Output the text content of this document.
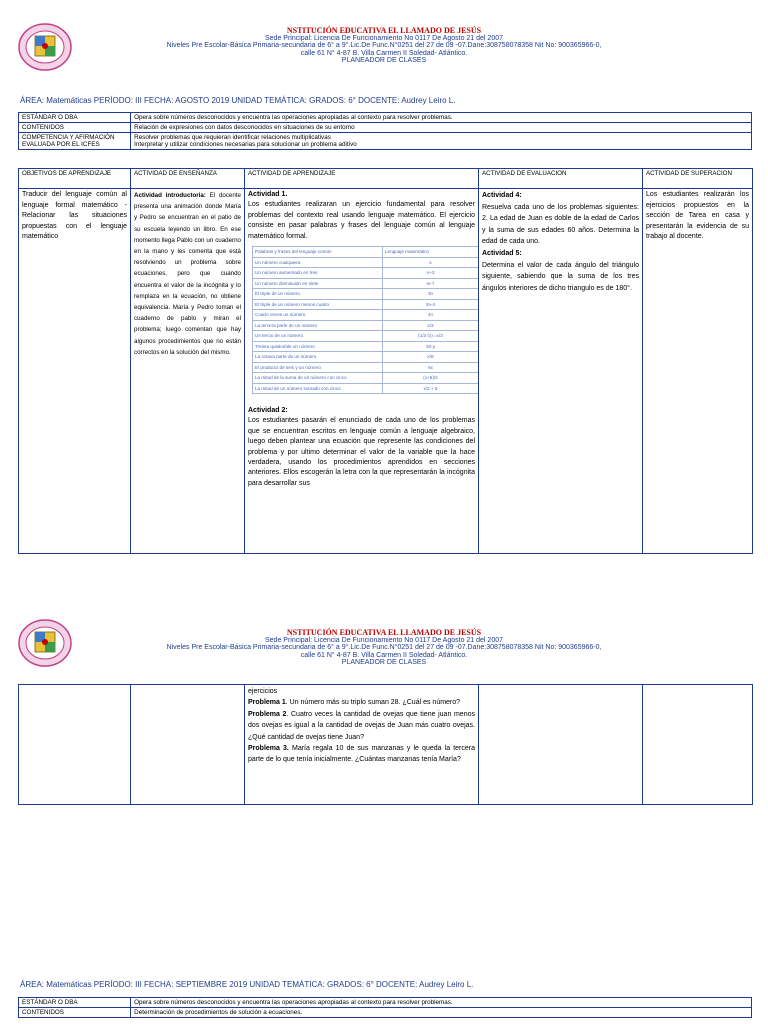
NSTITUCIÓN EDUCATIVA EL LLAMADO DE JESÚS
Sede Principal: Licencia De Funcionamiento No 0117 De Agosto 21 del 2007
Niveles Pre Escolar-Básica Primaria-secundaria de 6° a 9°.Lic.De Func.N°0251 del 27 de 09 -07.Dane:308758078358 Nit No: 900365966-0,
calle 61 N° 4-87 B. Villa Carmen II Soledad- Atlántico.
PLANEADOR DE CLASES
ÁREA: Matemáticas PERÍODO: III FECHA: AGOSTO 2019 UNIDAD TEMÁTICA: GRADOS: 6° DOCENTE: Audrey Leiro L.
ESTÁNDAR O DBA	Opera sobre números desconocidos y encuentra las operaciones apropiadas al contexto para resolver problemas.
CONTENIDOS	Relación de expresiones con datos desconocidos en situaciones de su entorno
COMPETENCIA Y AFIRMACIÓN EVALUADA POR EL ICFES	Resolver problemas que requieran identificar relaciones multiplicativas
Interpretar y utilizar condiciones necesarias para solucionar un problema aditivo
OBJETIVOS DE APRENDIZAJE	ACTIVIDAD DE ENSEÑANZA	ACTIVIDAD DE APRENDIZAJE	ACTIVIDAD DE EVALUACION	ACTIVIDAD DE SUPERACION
Traducir del lenguaje común al lenguaje formal matemático - Relacionar las situaciones propuestas con el lenguaje matemático	Actividad introductoria: El docente presenta una animación donde María y Pedro se encuentran en el patio de su escuela leyendo un libro. En ese momento llega Pablo con un cuaderno en la mano y les comenta que está resolviendo un problema sobre ecuaciones, pero que cuando encuentra el valor de la incógnita y lo remplaza en la ecuación, no obtiene equivalencia. María y Pedro toman el cuaderno de pablo y miran el problema; luego comentan que hay algunos procedimientos que no están correctos en la solución del mismo.	Actividad 1.
Los estudiantes realizaran un ejercicio fundamental para resolver problemas del contexto real usando lenguaje matemático. El ejercicio consiste en pasar palabras y frases del lenguaje común al lenguaje matemático formal.
Palabras y frases del lenguaje común	Lenguaje matemático
Un número cualquiera	x
Un número aumentado en tres	n+3
Un número disminuido en siete	m-7
El triple de un número	3n
El triple de un número menos cuatro	3n-4
Cuatro veces un número	4n
La tercera parte de un número	x/3
Un tercio de un número	(1/3 (x) =x/3
Treinta quitándole un número	30-y
La octava parte de un número	x/8
El producto de seis y un número	6x
La mitad de la suma de un número con cinco	(x+5)/2
La mitad de un número sumado con cinco	x/2 + 5
Actividad 2:
Los estudiantes pasarán el enunciado de cada uno de los problemas que se encuentran escritos en lenguaje común a lenguaje algebraico, luego deben plantear una ecuación que represente las condiciones del problema y por ultimo determinar el valor de la variable que la hace verdadera, usando los procedimientos aprendidos en secciones anteriores. Ellos escogerán la letra con la que representarán la incógnita para desarrollar sus	Actividad 4:
Resuelva cada uno de los problemas siguientes: 2. La edad de Juan es doble de la edad de Carlos y la suma de sus edades 60 años. Determina la edad de cada uno.
Actividad 5:
Determina el valor de cada ángulo del triángulo siguiente, sabiendo que la suma de los tres ángulos interiores de dicho triangulo es de 180°.	Los estudiantes realizarán los ejercicios propuestos en la sección de Tarea en casa y presentarán la evidencia de su trabajo al docente.
NSTITUCIÓN EDUCATIVA EL LLAMADO DE JESÚS
Sede Principal: Licencia De Funcionamiento No 0117 De Agosto 21 del 2007
Niveles Pre Escolar-Básica Primaria-secundaria de 6° a 9°.Lic.De Func.N°0251 del 27 de 09 -07.Dane:308758078358 Nit No: 900365966-0,
calle 61 N° 4-87 B. Villa Carmen II Soledad- Atlántico.
PLANEADOR DE CLASES
		ejercicios
Problema 1. Un número más su triplo suman 28. ¿Cuál es número?
Problema 2. Cuatro veces la cantidad de ovejas que tiene juan menos dos ovejas es igual a la cantidad de ovejas de Juan más cuatro ovejas. ¿Qué cantidad de ovejas tiene Juan?
Problema 3. María regala 10 de sus manzanas y le queda la tercera parte de lo que tenía inicialmente. ¿Cuántas manzanas tenía María?		
ÁREA: Matemáticas PERÍODO: III FECHA: SEPTIEMBRE 2019 UNIDAD TEMÁTICA: GRADOS: 6° DOCENTE: Audrey Leiro L.
ESTÁNDAR O DBA	Opera sobre números desconocidos y encuentra las operaciones apropiadas al contexto para resolver problemas.
CONTENIDOS	Determinación de procedimientos de solución a ecuaciones.
